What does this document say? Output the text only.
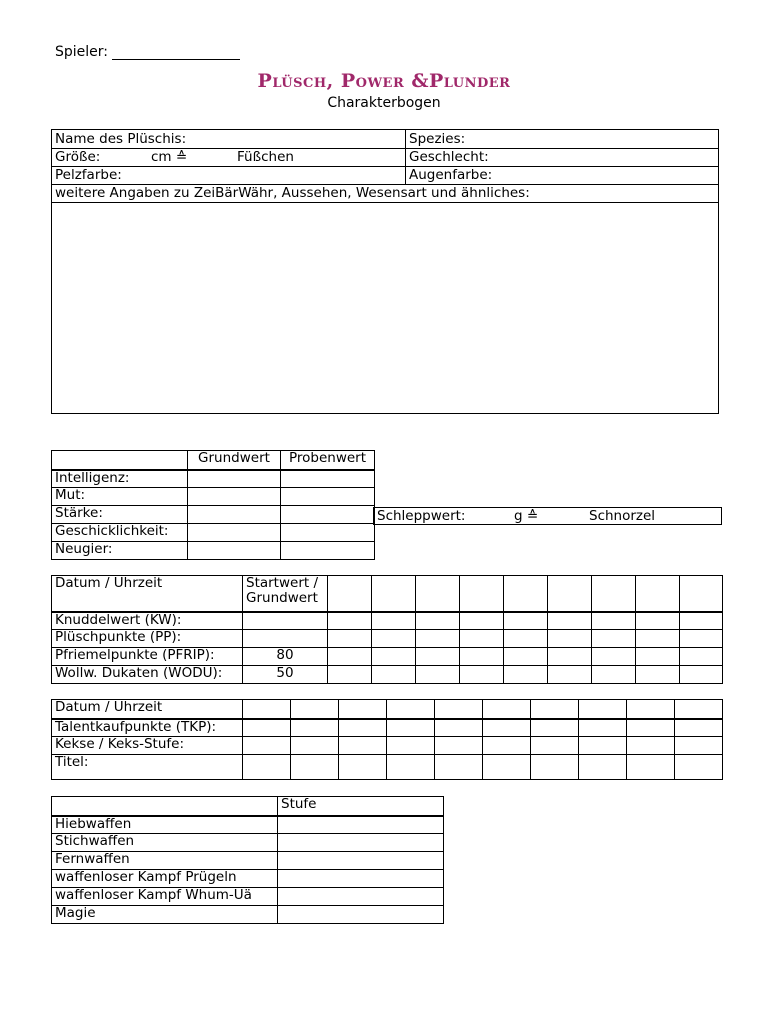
Spieler:
Plüsch, Power &Plunder
Charakterbogen
Name des Plüschis:	Spezies:
Größe:	cm ≙	Füßchen	Geschlecht:
Pelzfarbe:	Augenfarbe:
weitere Angaben zu ZeiBärWähr, Aussehen, Wesensart und ähnliches:
	Grundwert	Probenwert
Intelligenz:		
Mut:		
Stärke:		
Geschicklichkeit:		
Neugier:		
Schleppwert:	g ≙	Schnorzel
Datum / Uhrzeit	Startwert /
Grundwert									

Knuddelwert (KW):										
Plüschpunkte (PP):										
Pfriemelpunkte (PFRIP):	80									
Wollw. Dukaten (WODU):	50									
Datum / Uhrzeit										
Talentkaufpunkte (TKP):										
Kekse / Keks-Stufe:										
Titel:										
	Stufe
Hiebwaffen	
Stichwaffen	
Fernwaffen	
waffenloser Kampf Prügeln	
waffenloser Kampf Whum-Uä	
Magie	
